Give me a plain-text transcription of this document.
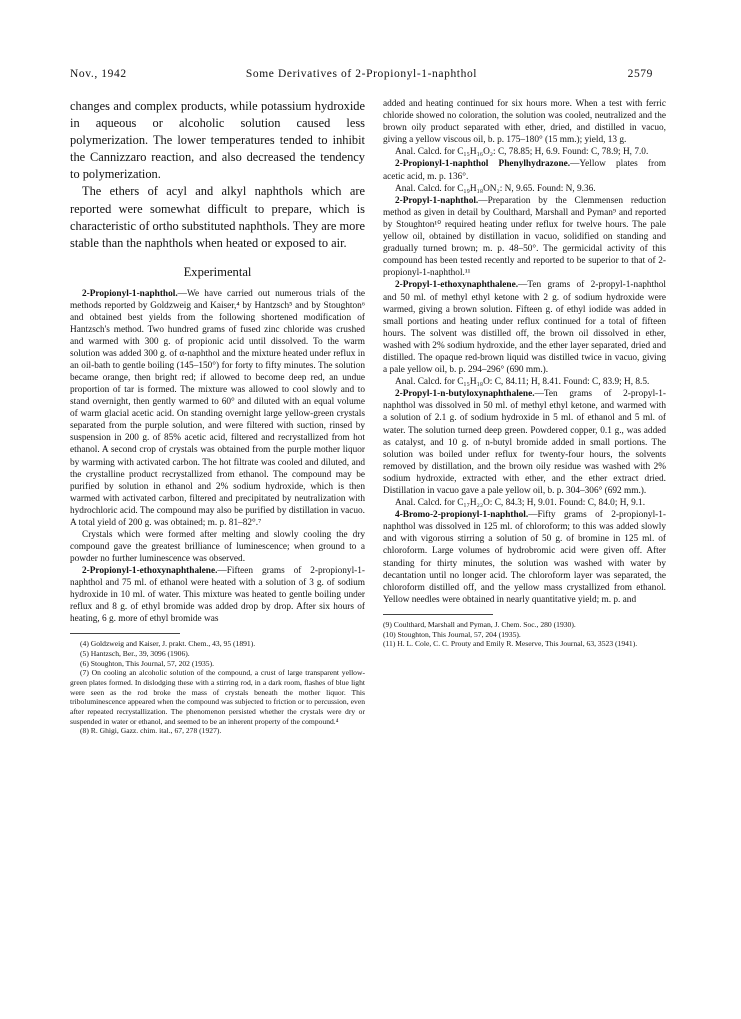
Nov., 1942	Some Derivatives of 2-Propionyl-1-naphthol	2579

changes and complex products, while potassium hydroxide in aqueous or alcoholic solution caused less polymerization. The lower temperatures tended to inhibit the Cannizzaro reaction, and also decreased the tendency to polymerization.

The ethers of acyl and alkyl naphthols which are reported were somewhat difficult to prepare, which is characteristic of ortho substituted naphthols. They are more stable than the naphthols when heated or exposed to air.

Experimental

2-Propionyl-1-naphthol.—We have carried out numerous trials of the methods reported by Goldzweig and Kaiser,⁴ by Hantzsch⁵ and by Stoughton⁶ and obtained best yields from the following shortened modification of Hantzsch's method. Two hundred grams of fused zinc chloride was crushed and warmed with 300 g. of propionic acid until dissolved. To the warm solution was added 300 g. of α-naphthol and the mixture heated under reflux in an oil-bath to gentle boiling (145–150°) for forty to fifty minutes. The solution became orange, then bright red; if allowed to become deep red, an undue proportion of tar is formed. The mixture was allowed to cool slowly and to stand overnight, then gently warmed to 60° and diluted with an equal volume of warm glacial acetic acid. On standing overnight large yellow-green crystals separated from the purple solution, and were filtered with suction, rinsed by suspension in 200 g. of 85% acetic acid, filtered and recrystallized from hot ethanol. A second crop of crystals was obtained from the purple mother liquor by warming with activated carbon. The hot filtrate was cooled and diluted, and the crystalline product recrystallized from ethanol. The compound may be purified by solution in ethanol and 2% sodium hydroxide, which is then warmed with activated carbon, filtered and precipitated by neutralization with hydrochloric acid. The compound may also be purified by distillation in vacuo. A total yield of 200 g. was obtained; m. p. 81–82°.⁷

Crystals which were formed after melting and slowly cooling the dry compound gave the greatest brilliance of luminescence; when ground to a powder no further luminescence was observed.

2-Propionyl-1-ethoxynaphthalene.—Fifteen grams of 2-propionyl-1-naphthol and 75 ml. of ethanol were heated with a solution of 3 g. of sodium hydroxide in 10 ml. of water. This mixture was heated to gentle boiling under reflux and 8 g. of ethyl bromide was added drop by drop. After six hours of heating, 6 g. more of ethyl bromide was

(4) Goldzweig and Kaiser, J. prakt. Chem., 43, 95 (1891).

(5) Hantzsch, Ber., 39, 3096 (1906).

(6) Stoughton, This Journal, 57, 202 (1935).

(7) On cooling an alcoholic solution of the compound, a crust of large transparent yellow-green plates formed. In dislodging these with a stirring rod, in a dark room, flashes of blue light were seen as the rod broke the mass of crystals beneath the mother liquor. This triboluminescence appeared when the compound was subjected to friction or to percussion, even after repeated recrystallization. The phenomenon persisted whether the crystals were dry or suspended in water or ethanol, and seemed to be an inherent property of the compound.⁴

(8) R. Ghigi, Gazz. chim. ital., 67, 278 (1927).

added and heating continued for six hours more. When a test with ferric chloride showed no coloration, the solution was cooled, neutralized and the brown oily product separated with ether, dried, and distilled in vacuo, giving a yellow viscous oil, b. p. 175–180° (15 mm.); yield, 13 g.

Anal. Calcd. for C₁₅H₁₆O₂: C, 78.85; H, 6.9. Found: C, 78.9; H, 7.0.

2-Propionyl-1-naphthol Phenylhydrazone.—Yellow plates from acetic acid, m. p. 136°.

Anal. Calcd. for C₁₉H₁₈ON₂: N, 9.65. Found: N, 9.36.

2-Propyl-1-naphthol.—Preparation by the Clemmensen reduction method as given in detail by Coulthard, Marshall and Pyman⁹ and reported by Stoughton¹⁰ required heating under reflux for twelve hours. The pale yellow oil, obtained by distillation in vacuo, solidified on standing and gradually turned brown; m. p. 48–50°. The germicidal activity of this compound has been tested recently and reported to be superior to that of 2-propionyl-1-naphthol.¹¹

2-Propyl-1-ethoxynaphthalene.—Ten grams of 2-propyl-1-naphthol and 50 ml. of methyl ethyl ketone with 2 g. of sodium hydroxide were warmed, giving a brown solution. Fifteen g. of ethyl iodide was added in small portions and heating under reflux continued for a total of fifteen hours. The solvent was distilled off, the brown oil dissolved in ether, washed with 2% sodium hydroxide, and the ether layer separated, dried and distilled. The opaque red-brown liquid was distilled twice in vacuo, giving a pale yellow oil, b. p. 294–296° (690 mm.).

Anal. Calcd. for C₁₅H₁₈O: C, 84.11; H, 8.41. Found: C, 83.9; H, 8.5.

2-Propyl-1-n-butyloxynaphthalene.—Ten grams of 2-propyl-1-naphthol was dissolved in 50 ml. of methyl ethyl ketone, and warmed with a solution of 2.1 g. of sodium hydroxide in 5 ml. of ethanol and 5 ml. of water. The solution turned deep green. Powdered copper, 0.1 g., was added as catalyst, and 10 g. of n-butyl bromide added in small portions. The solution was boiled under reflux for twenty-four hours, the solvents removed by distillation, and the brown oily residue was washed with 2% sodium hydroxide, extracted with ether, and the ether extract dried. Distillation in vacuo gave a pale yellow oil, b. p. 304–306° (692 mm.).

Anal. Calcd. for C₁₇H₂₂O: C, 84.3; H, 9.01. Found: C, 84.0; H, 9.1.

4-Bromo-2-propionyl-1-naphthol.—Fifty grams of 2-propionyl-1-naphthol was dissolved in 125 ml. of chloroform; to this was added slowly and with vigorous stirring a solution of 50 g. of bromine in 125 ml. of chloroform. Large volumes of hydrobromic acid were given off. After standing for thirty minutes, the solution was washed with water by decantation until no longer acid. The chloroform layer was separated, the chloroform distilled off, and the yellow mass crystallized from ethanol. Yellow needles were obtained in nearly quantitative yield; m. p. and

(9) Coulthard, Marshall and Pyman, J. Chem. Soc., 280 (1930).

(10) Stoughton, This Journal, 57, 204 (1935).

(11) H. L. Cole, C. C. Prouty and Emily R. Meserve, This Journal, 63, 3523 (1941).
